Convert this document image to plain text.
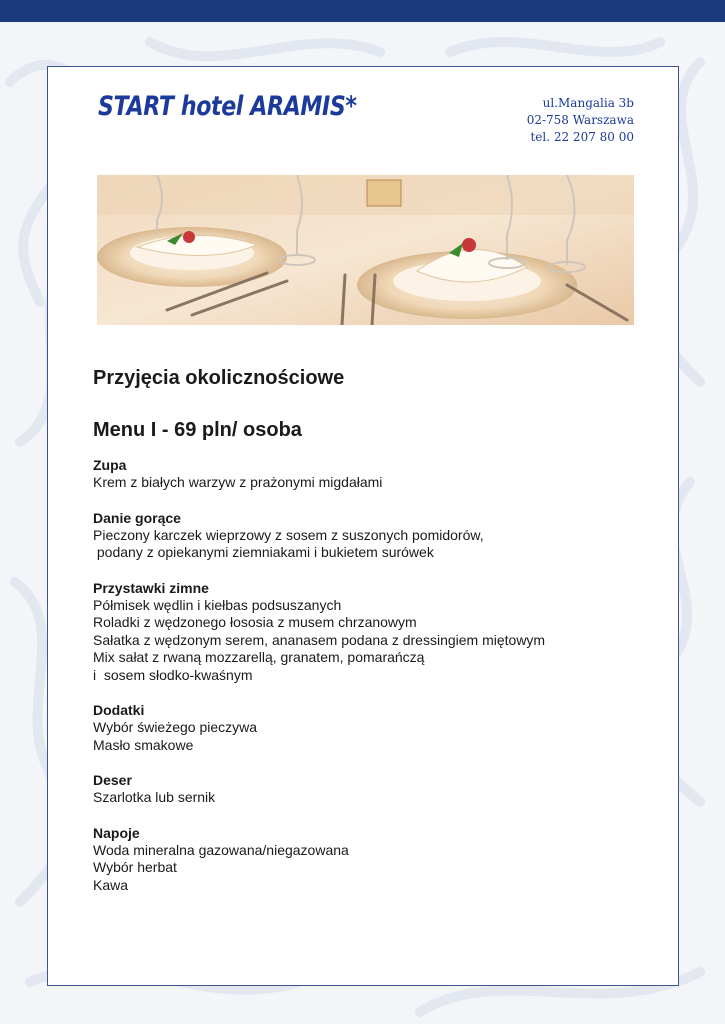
START hotel ARAMIS*	ul.Mangalia 3b
02-758 Warszawa
tel. 22 207 80 00
Przyjęcia okolicznościowe
Menu I - 69 pln/ osoba
Zupa
Krem z białych warzyw z prażonymi migdałami
Danie gorące
Pieczony karczek wieprzowy z sosem z suszonych pomidorów,
podany z opiekanymi ziemniakami i bukietem surówek
Przystawki zimne
Półmisek wędlin i kiełbas podsuszanych
Roladki z wędzonego łososia z musem chrzanowym
Sałatka z wędzonym serem, ananasem podana z dressingiem miętowym
Mix sałat z rwaną mozzarellą, granatem, pomarańczą
i  sosem słodko-kwaśnym
Dodatki
Wybór świeżego pieczywa
Masło smakowe
Deser
Szarlotka lub sernik
Napoje
Woda mineralna gazowana/niegazowana
Wybór herbat
Kawa
